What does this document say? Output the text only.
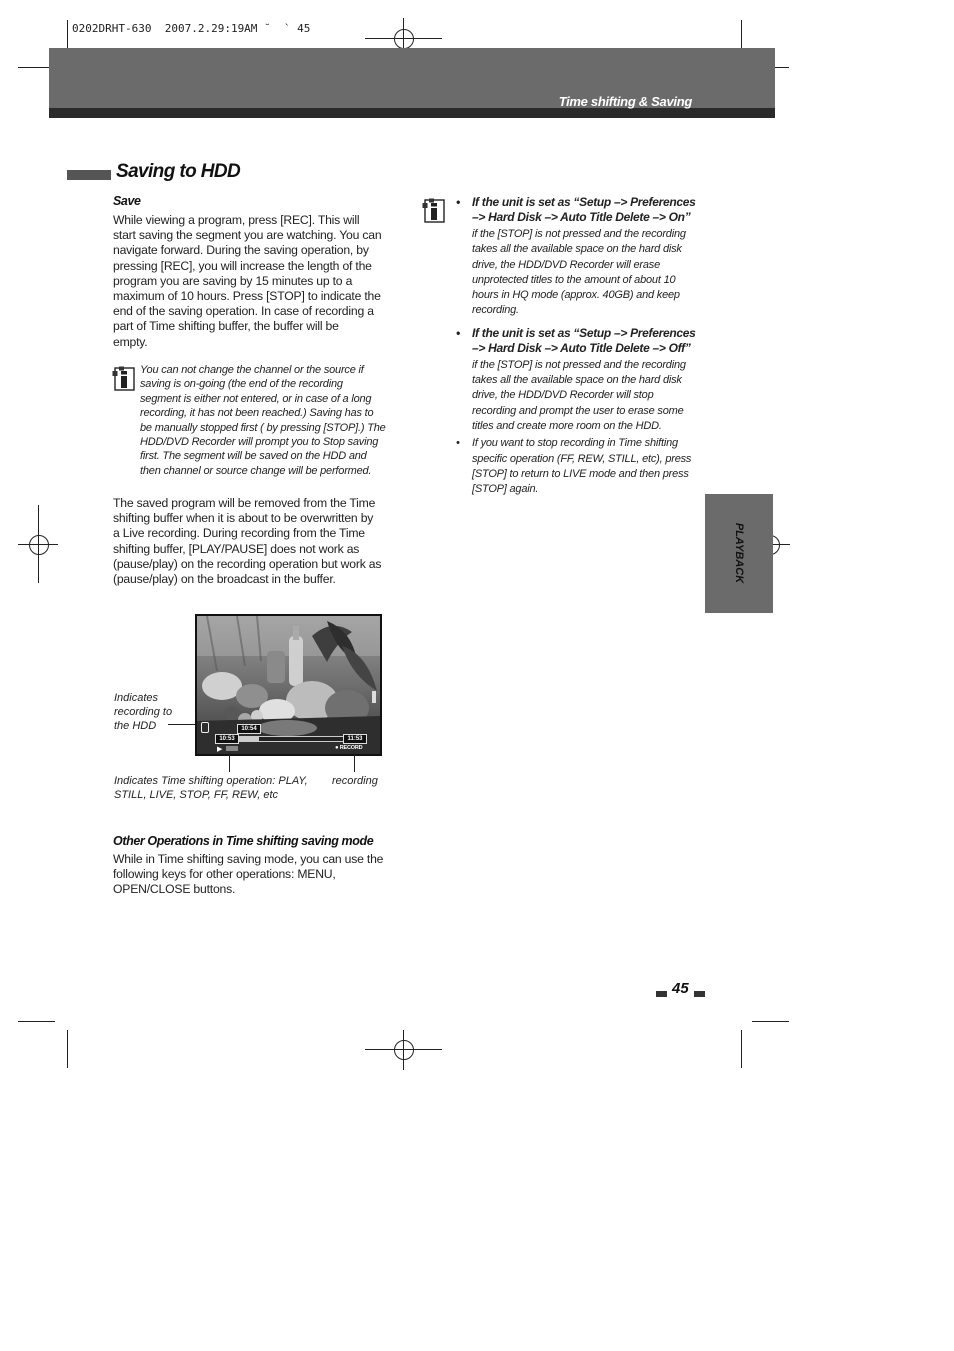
0202DRHT-630  2007.2.29:19AM ˘  ` 45
Time shifting & Saving
Saving to HDD
Save
While viewing a program, press [REC]. This will
start saving the segment you are watching. You can
navigate forward. During the saving operation, by
pressing [REC], you will increase the length of the
program you are saving by 15 minutes up to a
maximum of 10 hours. Press [STOP] to indicate the
end of the saving operation. In case of recording a
part of Time shifting buffer, the buffer will be
empty.
You can not change the channel or the source if
saving is on-going (the end of the recording
segment is either not entered, or in case of a long
recording, it has not been reached.) Saving has to
be manually stopped first ( by pressing [STOP].) The
HDD/DVD Recorder will prompt you to Stop saving
first. The segment will be saved on the HDD and
then channel or source change will be performed.
The saved program will be removed from the Time
shifting buffer when it is about to be overwritten by
a Live recording. During recording from the Time
shifting buffer, [PLAY/PAUSE] does not work as
(pause/play) on the recording operation but work as
(pause/play) on the broadcast in the buffer.
10:54
10:53	11:53
▶	● RECORD
Indicates
recording to
the HDD
Indicates Time shifting operation: PLAY,
STILL, LIVE, STOP, FF, REW, etc
recording
Other Operations in Time shifting saving mode
While in Time shifting saving mode, you can use the
following keys for other operations: MENU,
OPEN/CLOSE buttons.
• If the unit is set as “Setup –> Preferences
–> Hard Disk –> Auto Title Delete –> On”
if the [STOP] is not pressed and the recording
takes all the available space on the hard disk
drive, the HDD/DVD Recorder will erase
unprotected titles to the amount of about 10
hours in HQ mode (approx. 40GB) and keep
recording.
• If the unit is set as “Setup –> Preferences
–> Hard Disk –> Auto Title Delete –> Off”
if the [STOP] is not pressed and the recording
takes all the available space on the hard disk
drive, the HDD/DVD Recorder will stop
recording and prompt the user to erase some
titles and create more room on the HDD.
• If you want to stop recording in Time shifting
specific operation (FF, REW, STILL, etc), press
[STOP] to return to LIVE mode and then press
[STOP] again.
PLAYBACK
45
